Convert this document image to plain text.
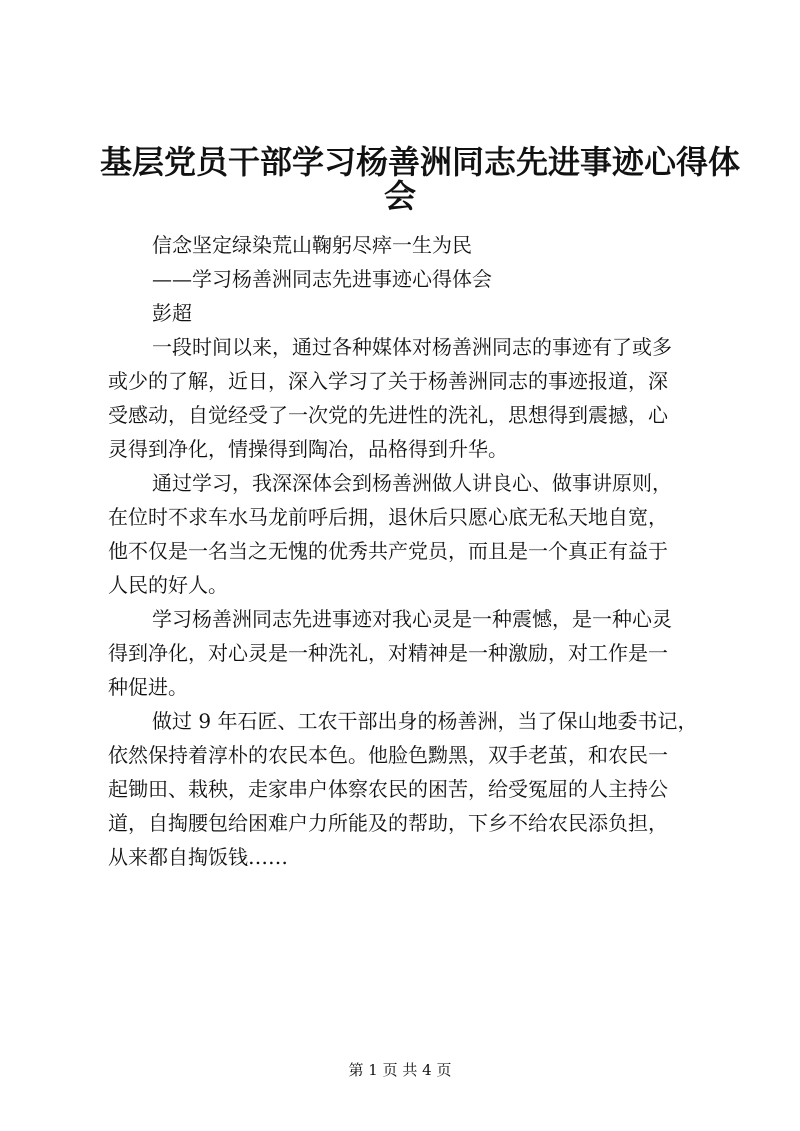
基层党员干部学习杨善洲同志先进事迹心得体
会
信念坚定绿染荒山鞠躬尽瘁一生为民
——学习杨善洲同志先进事迹心得体会
彭超
一段时间以来，通过各种媒体对杨善洲同志的事迹有了或多
或少的了解，近日，深入学习了关于杨善洲同志的事迹报道，深
受感动，自觉经受了一次党的先进性的洗礼，思想得到震撼，心
灵得到净化，情操得到陶冶，品格得到升华。
通过学习，我深深体会到杨善洲做人讲良心、做事讲原则，
在位时不求车水马龙前呼后拥，退休后只愿心底无私天地自宽，
他不仅是一名当之无愧的优秀共产党员，而且是一个真正有益于
人民的好人。
学习杨善洲同志先进事迹对我心灵是一种震憾，是一种心灵
得到净化，对心灵是一种洗礼，对精神是一种激励，对工作是一
种促进。
做过 9 年石匠、工农干部出身的杨善洲，当了保山地委书记，
依然保持着淳朴的农民本色。他脸色黝黑，双手老茧，和农民一
起锄田、栽秧，走家串户体察农民的困苦，给受冤屈的人主持公
道，自掏腰包给困难户力所能及的帮助，下乡不给农民添负担，
从来都自掏饭钱……
第 1 页 共 4 页
